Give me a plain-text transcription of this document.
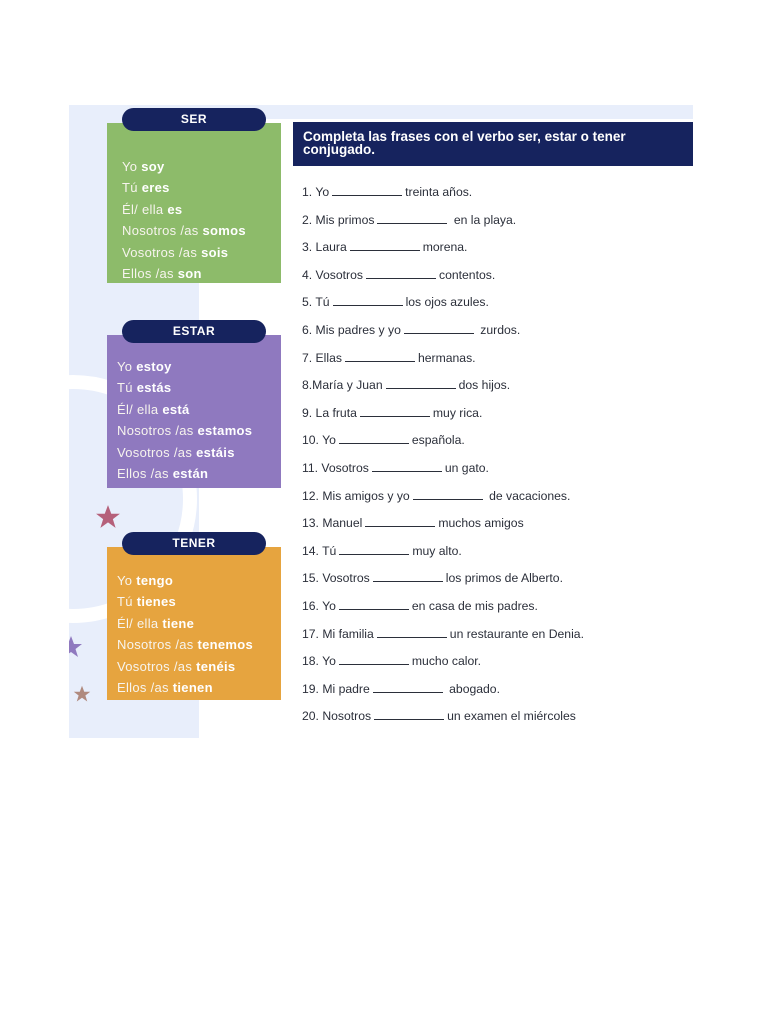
Yo soy
Tú eres
Él/ ella es
Nosotros /as somos
Vosotros /as sois
Ellos /as son
SER
Yo estoy
Tú estás
Él/ ella está
Nosotros /as estamos
Vosotros /as estáis
Ellos /as están
ESTAR
Yo tengo
Tú tienes
Él/ ella tiene
Nosotros /as tenemos
Vosotros /as tenéis
Ellos /as tienen
TENER
Completa las frases con el verbo ser, estar o tener conjugado.
1. Yo	treinta años.
2. Mis primos	en la playa.
3. Laura	morena.
4. Vosotros	contentos.
5. Tú	los ojos azules.
6. Mis padres y yo	zurdos.
7. Ellas	hermanas.
8.María y Juan	dos hijos.
9. La fruta	muy rica.
10. Yo	española.
11. Vosotros	un gato.
12. Mis amigos y yo	de vacaciones.
13. Manuel	muchos amigos
14. Tú	muy alto.
15. Vosotros	los primos de Alberto.
16. Yo	en casa de mis padres.
17. Mi familia	un restaurante en Denia.
18. Yo	mucho calor.
19. Mi padre	abogado.
20. Nosotros	un examen el miércoles
